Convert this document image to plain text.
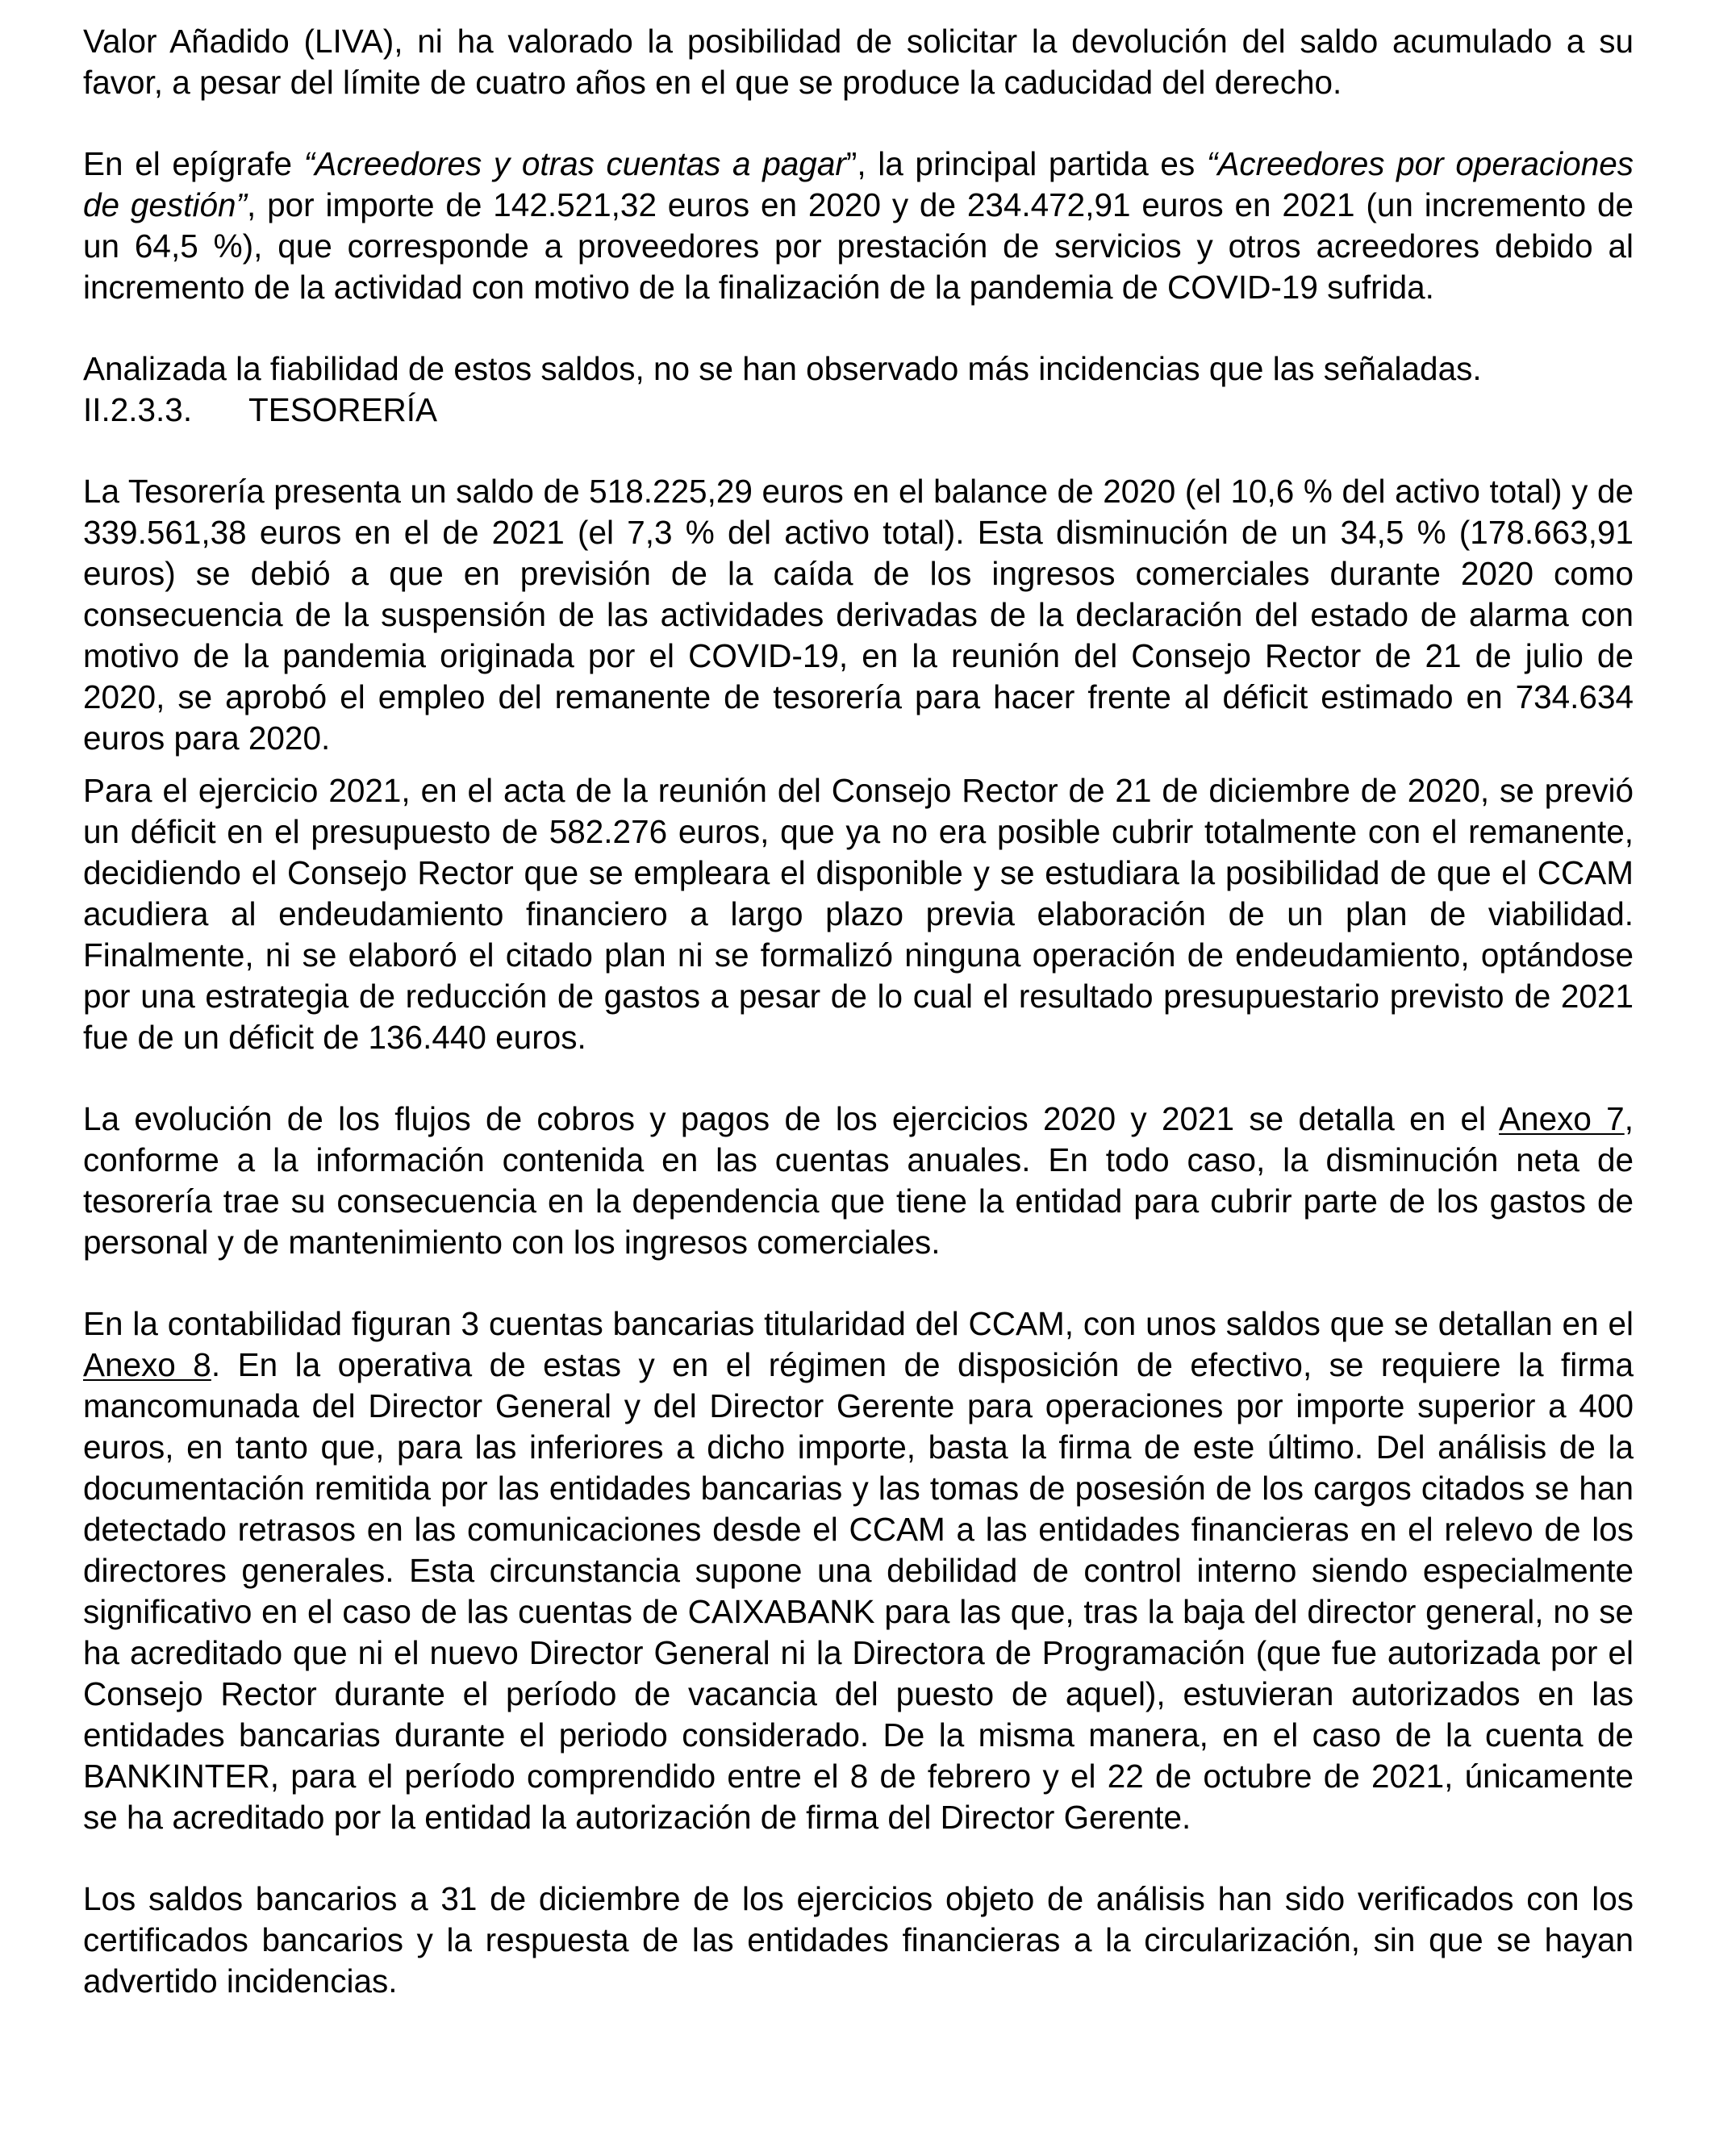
Valor Añadido (LIVA), ni ha valorado la posibilidad de solicitar la devolución del saldo acumulado a su favor, a pesar del límite de cuatro años en el que se produce la caducidad del derecho.

En el epígrafe “Acreedores y otras cuentas a pagar”, la principal partida es “Acreedores por operaciones de gestión”, por importe de 142.521,32 euros en 2020 y de 234.472,91 euros en 2021 (un incremento de un 64,5 %), que corresponde a proveedores por prestación de servicios y otros acreedores debido al incremento de la actividad con motivo de la finalización de la pandemia de COVID-19 sufrida.

Analizada la fiabilidad de estos saldos, no se han observado más incidencias que las señaladas.

II.2.3.3.	TESORERÍA

La Tesorería presenta un saldo de 518.225,29 euros en el balance de 2020 (el 10,6 % del activo total) y de 339.561,38 euros en el de 2021 (el 7,3 % del activo total). Esta disminución de un 34,5 % (178.663,91 euros) se debió a que en previsión de la caída de los ingresos comerciales durante 2020 como consecuencia de la suspensión de las actividades derivadas de la declaración del estado de alarma con motivo de la pandemia originada por el COVID-19, en la reunión del Consejo Rector de 21 de julio de 2020, se aprobó el empleo del remanente de tesorería para hacer frente al déficit estimado en 734.634 euros para 2020.

Para el ejercicio 2021, en el acta de la reunión del Consejo Rector de 21 de diciembre de 2020, se previó un déficit en el presupuesto de 582.276 euros, que ya no era posible cubrir totalmente con el remanente, decidiendo el Consejo Rector que se empleara el disponible y se estudiara la posibilidad de que el CCAM acudiera al endeudamiento financiero a largo plazo previa elaboración de un plan de viabilidad. Finalmente, ni se elaboró el citado plan ni se formalizó ninguna operación de endeudamiento, optándose por una estrategia de reducción de gastos a pesar de lo cual el resultado presupuestario previsto de 2021 fue de un déficit de 136.440 euros.

La evolución de los flujos de cobros y pagos de los ejercicios 2020 y 2021 se detalla en el Anexo 7, conforme a la información contenida en las cuentas anuales. En todo caso, la disminución neta de tesorería trae su consecuencia en la dependencia que tiene la entidad para cubrir parte de los gastos de personal y de mantenimiento con los ingresos comerciales.

En la contabilidad figuran 3 cuentas bancarias titularidad del CCAM, con unos saldos que se detallan en el Anexo 8. En la operativa de estas y en el régimen de disposición de efectivo, se requiere la firma mancomunada del Director General y del Director Gerente para operaciones por importe superior a 400 euros, en tanto que, para las inferiores a dicho importe, basta la firma de este último. Del análisis de la documentación remitida por las entidades bancarias y las tomas de posesión de los cargos citados se han detectado retrasos en las comunicaciones desde el CCAM a las entidades financieras en el relevo de los directores generales. Esta circunstancia supone una debilidad de control interno siendo especialmente significativo en el caso de las cuentas de CAIXABANK para las que, tras la baja del director general, no se ha acreditado que ni el nuevo Director General ni la Directora de Programación (que fue autorizada por el Consejo Rector durante el período de vacancia del puesto de aquel), estuvieran autorizados en las entidades bancarias durante el periodo considerado. De la misma manera, en el caso de la cuenta de BANKINTER, para el período comprendido entre el 8 de febrero y el 22 de octubre de 2021, únicamente se ha acreditado por la entidad la autorización de firma del Director Gerente.

Los saldos bancarios a 31 de diciembre de los ejercicios objeto de análisis han sido verificados con los certificados bancarios y la respuesta de las entidades financieras a la circularización, sin que se hayan advertido incidencias.
